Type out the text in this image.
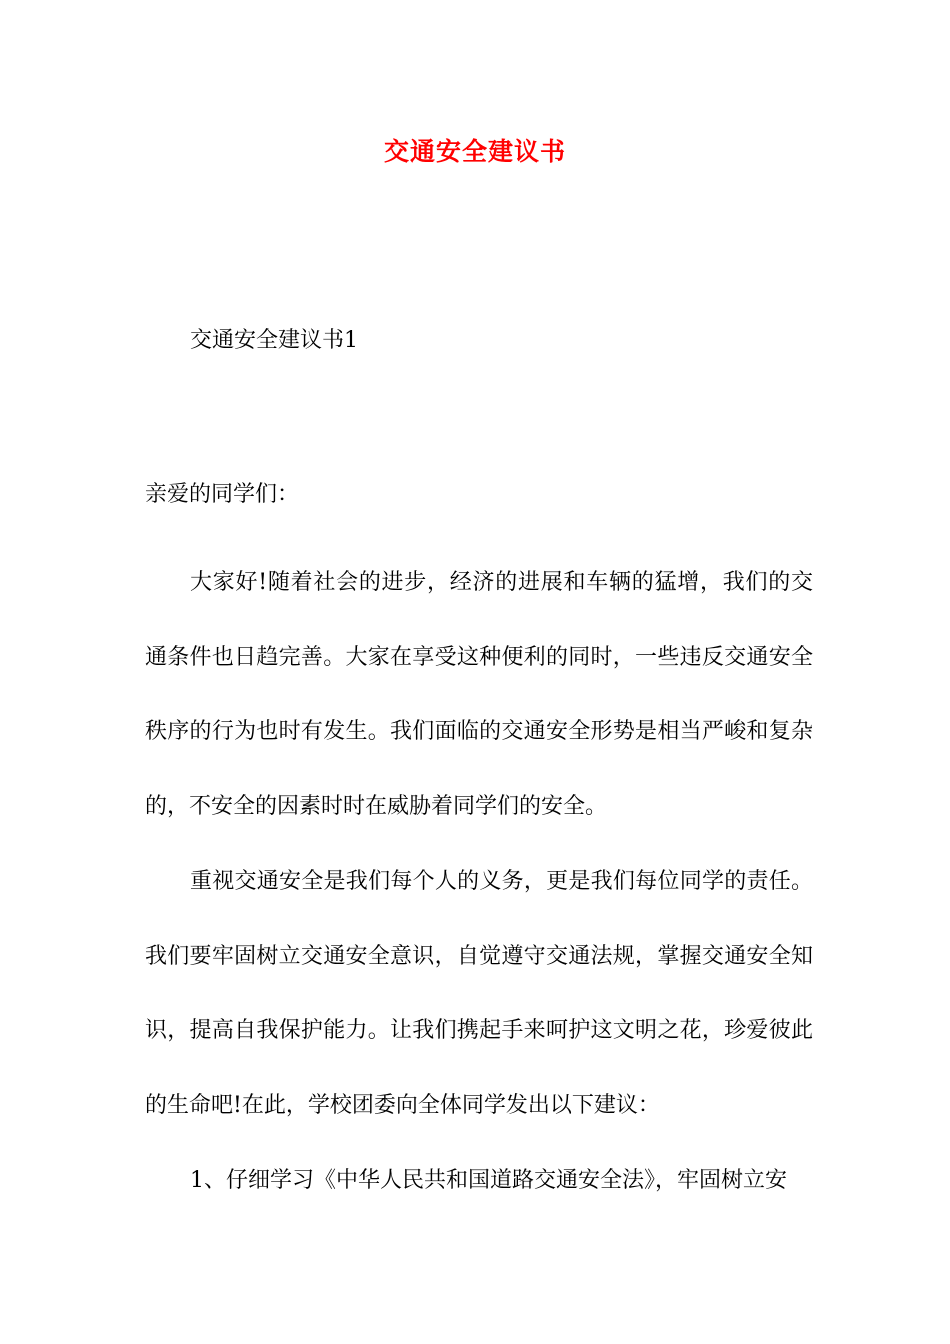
交通安全建议书
交通安全建议书1
亲爱的同学们：

大家好!随着社会的进步，经济的进展和车辆的猛增，我们的交通条件也日趋完善。大家在享受这种便利的同时，一些违反交通安全秩序的行为也时有发生。我们面临的交通安全形势是相当严峻和复杂的，不安全的因素时时在威胁着同学们的安全。

重视交通安全是我们每个人的义务，更是我们每位同学的责任。我们要牢固树立交通安全意识，自觉遵守交通法规，掌握交通安全知识，提高自我保护能力。让我们携起手来呵护这文明之花，珍爱彼此的生命吧!在此，学校团委向全体同学发出以下建议：

1、仔细学习《中华人民共和国道路交通安全法》，牢固树立安
